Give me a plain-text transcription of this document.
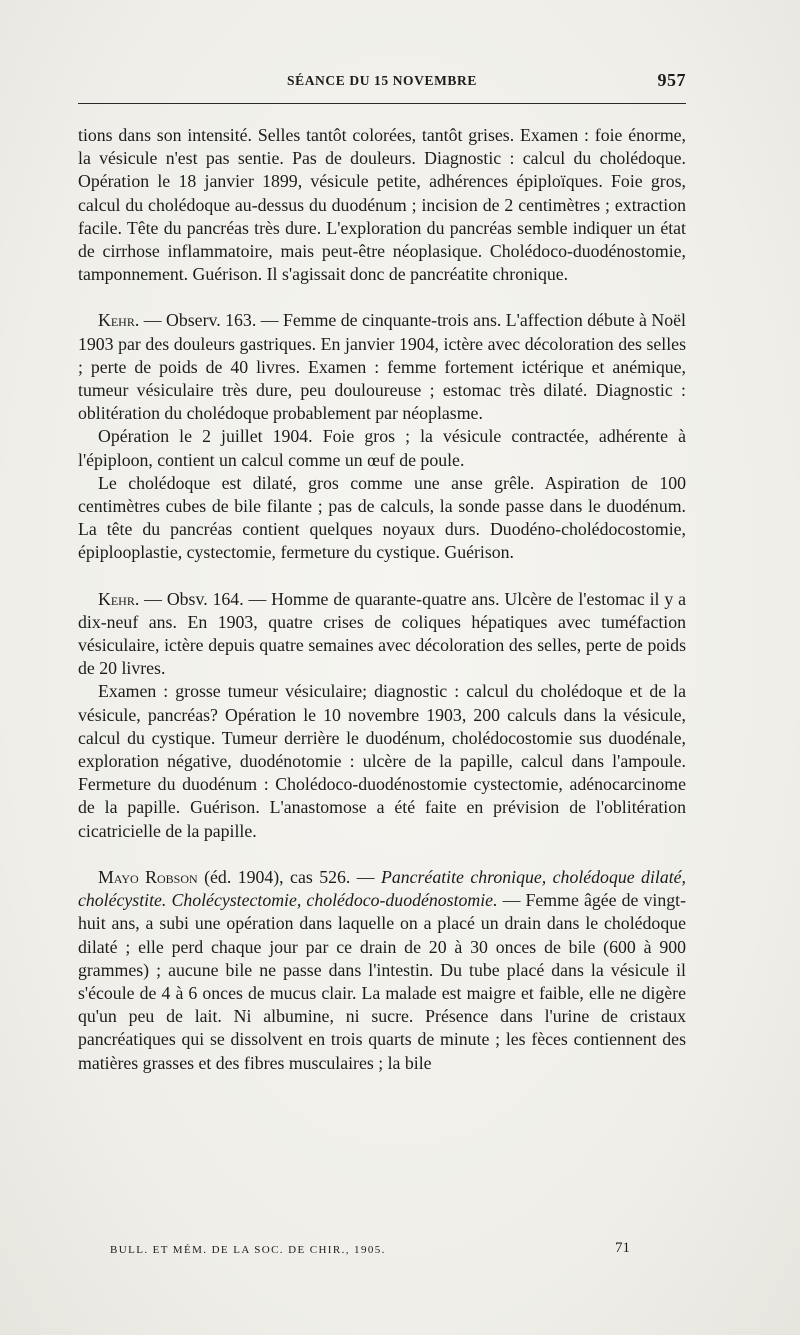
SÉANCE DU 15 NOVEMBRE	957

tions dans son intensité. Selles tantôt colorées, tantôt grises. Examen : foie énorme, la vésicule n'est pas sentie. Pas de douleurs. Diagnostic : calcul du cholédoque. Opération le 18 janvier 1899, vésicule petite, adhérences épiploïques. Foie gros, calcul du cholédoque au-dessus du duodénum ; incision de 2 centimètres ; extraction facile. Tête du pancréas très dure. L'exploration du pancréas semble indiquer un état de cirrhose inflammatoire, mais peut-être néoplasique. Cholédoco-duodénostomie, tamponnement. Guérison. Il s'agissait donc de pancréatite chronique.

Kehr. — Observ. 163. — Femme de cinquante-trois ans. L'affection débute à Noël 1903 par des douleurs gastriques. En janvier 1904, ictère avec décoloration des selles ; perte de poids de 40 livres. Examen : femme fortement ictérique et anémique, tumeur vésiculaire très dure, peu douloureuse ; estomac très dilaté. Diagnostic : oblitération du cholédoque probablement par néoplasme.

Opération le 2 juillet 1904. Foie gros ; la vésicule contractée, adhérente à l'épiploon, contient un calcul comme un œuf de poule.

Le cholédoque est dilaté, gros comme une anse grêle. Aspiration de 100 centimètres cubes de bile filante ; pas de calculs, la sonde passe dans le duodénum. La tête du pancréas contient quelques noyaux durs. Duodéno-cholédocostomie, épiplooplastie, cystectomie, fermeture du cystique. Guérison.

Kehr. — Obsv. 164. — Homme de quarante-quatre ans. Ulcère de l'estomac il y a dix-neuf ans. En 1903, quatre crises de coliques hépatiques avec tuméfaction vésiculaire, ictère depuis quatre semaines avec décoloration des selles, perte de poids de 20 livres.

Examen : grosse tumeur vésiculaire; diagnostic : calcul du cholédoque et de la vésicule, pancréas? Opération le 10 novembre 1903, 200 calculs dans la vésicule, calcul du cystique. Tumeur derrière le duodénum, cholédocostomie sus duodénale, exploration négative, duodénotomie : ulcère de la papille, calcul dans l'ampoule. Fermeture du duodénum : Cholédoco-duodénostomie cystectomie, adénocarcinome de la papille. Guérison. L'anastomose a été faite en prévision de l'oblitération cicatricielle de la papille.

Mayo Robson (éd. 1904), cas 526. — Pancréatite chronique, cholédoque dilaté, cholécystite. Cholécystectomie, cholédoco-duodénostomie. — Femme âgée de vingt-huit ans, a subi une opération dans laquelle on a placé un drain dans le cholédoque dilaté ; elle perd chaque jour par ce drain de 20 à 30 onces de bile (600 à 900 grammes) ; aucune bile ne passe dans l'intestin. Du tube placé dans la vésicule il s'écoule de 4 à 6 onces de mucus clair. La malade est maigre et faible, elle ne digère qu'un peu de lait. Ni albumine, ni sucre. Présence dans l'urine de cristaux pancréatiques qui se dissolvent en trois quarts de minute ; les fèces contiennent des matières grasses et des fibres musculaires ; la bile

BULL. ET MÉM. DE LA SOC. DE CHIR., 1905.	71
